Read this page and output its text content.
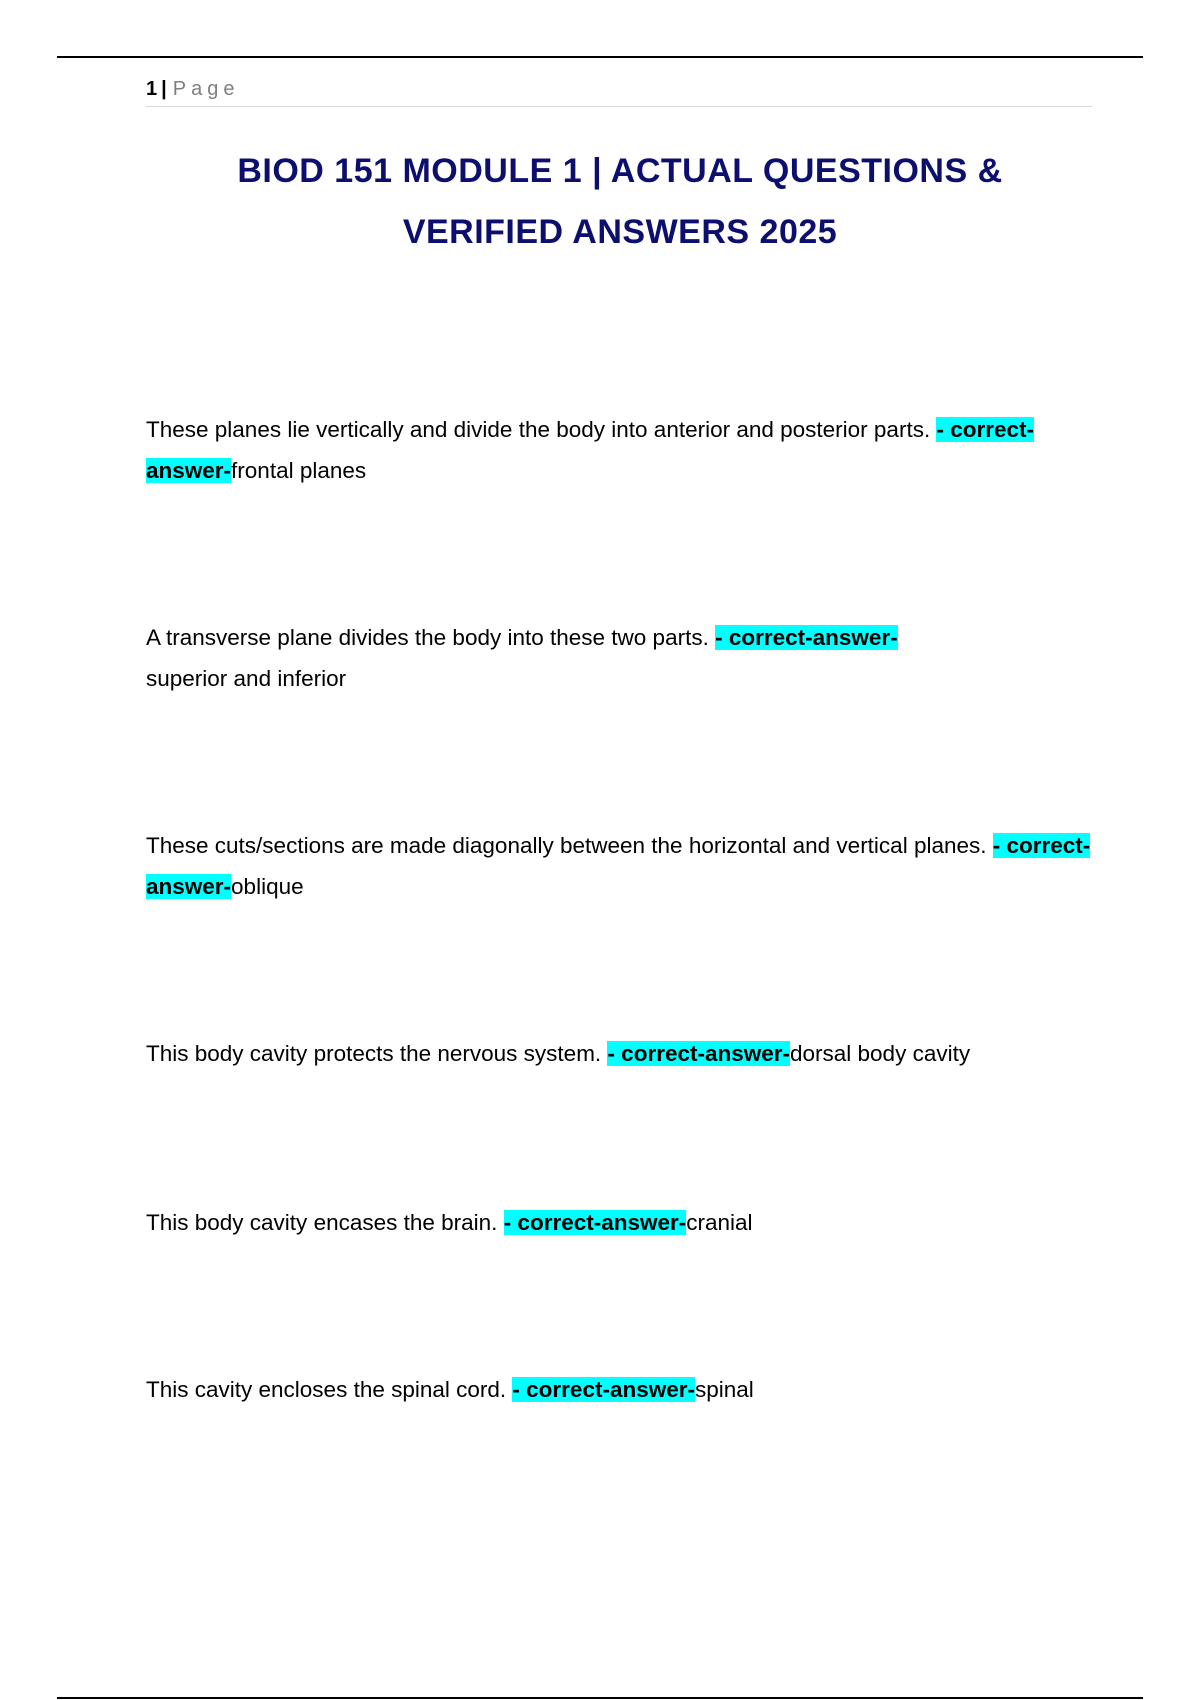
1 | Page
BIOD 151 MODULE 1 | ACTUAL QUESTIONS &
VERIFIED ANSWERS 2025

These planes lie vertically and divide the body into anterior and posterior parts. - correct-answer-frontal planes

A transverse plane divides the body into these two parts. - correct-answer-
superior and inferior

These cuts/sections are made diagonally between the horizontal and vertical planes. - correct-answer-oblique

This body cavity protects the nervous system. - correct-answer-dorsal body cavity

This body cavity encases the brain. - correct-answer-cranial

This cavity encloses the spinal cord. - correct-answer-spinal
